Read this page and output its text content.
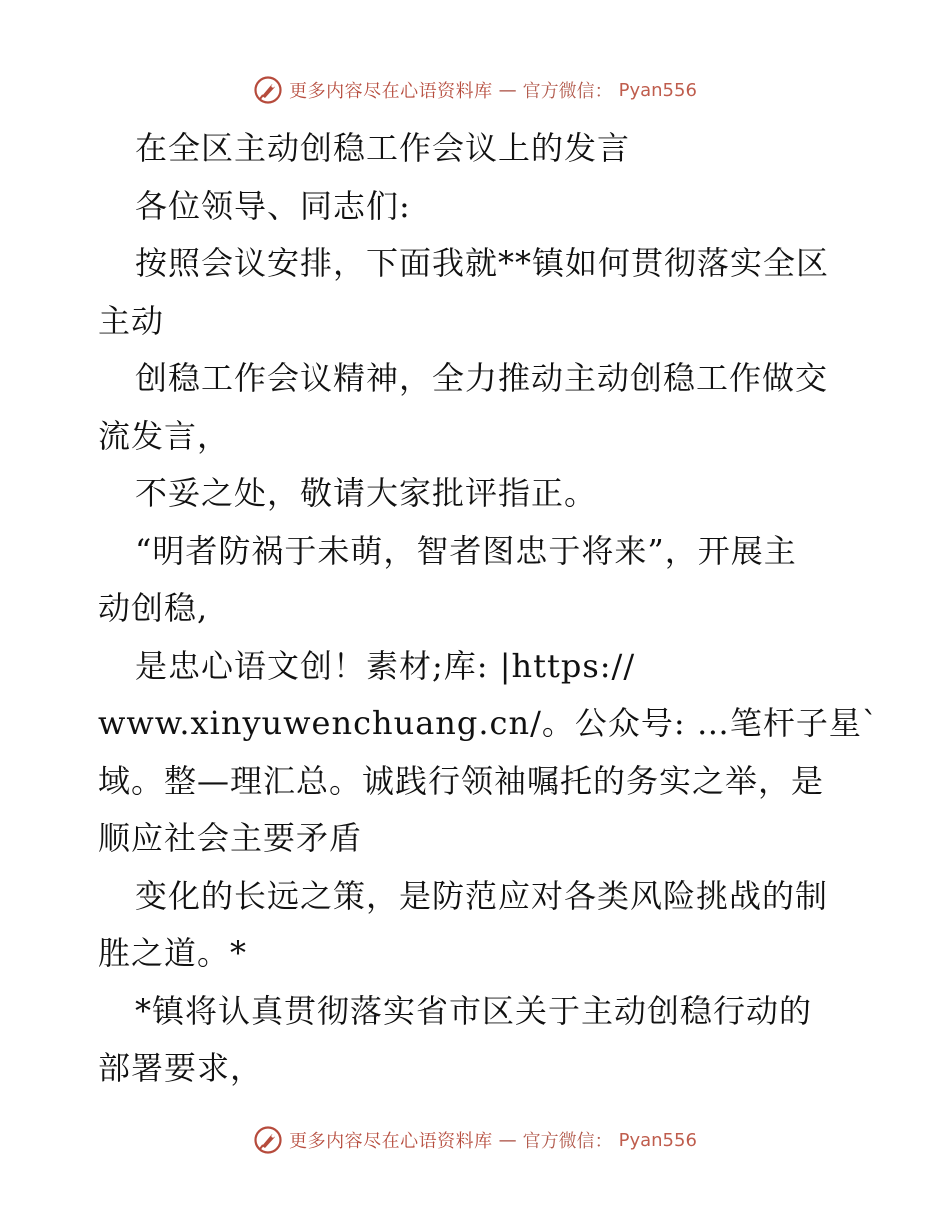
更多内容尽在心语资料库 — 官方微信： Pyan556
在全区主动创稳工作会议上的发言
各位领导、同志们:
按照会议安排，下面我就**镇如何贯彻落实全区
主动
创稳工作会议精神，全力推动主动创稳工作做交
流发言，
不妥之处，敬请大家批评指正。
“明者防祸于未萌，智者图忠于将来”，开展主
动创稳,
是忠心语文创！素材;库: |https://
www.xinyuwenchuang.cn/。公众号: …笔杆子星`
域。整—理汇总。诚践行领袖嘱托的务实之举，是
顺应社会主要矛盾
变化的长远之策，是防范应对各类风险挑战的制
胜之道。*
*镇将认真贯彻落实省市区关于主动创稳行动的
部署要求，
更多内容尽在心语资料库 — 官方微信： Pyan556
